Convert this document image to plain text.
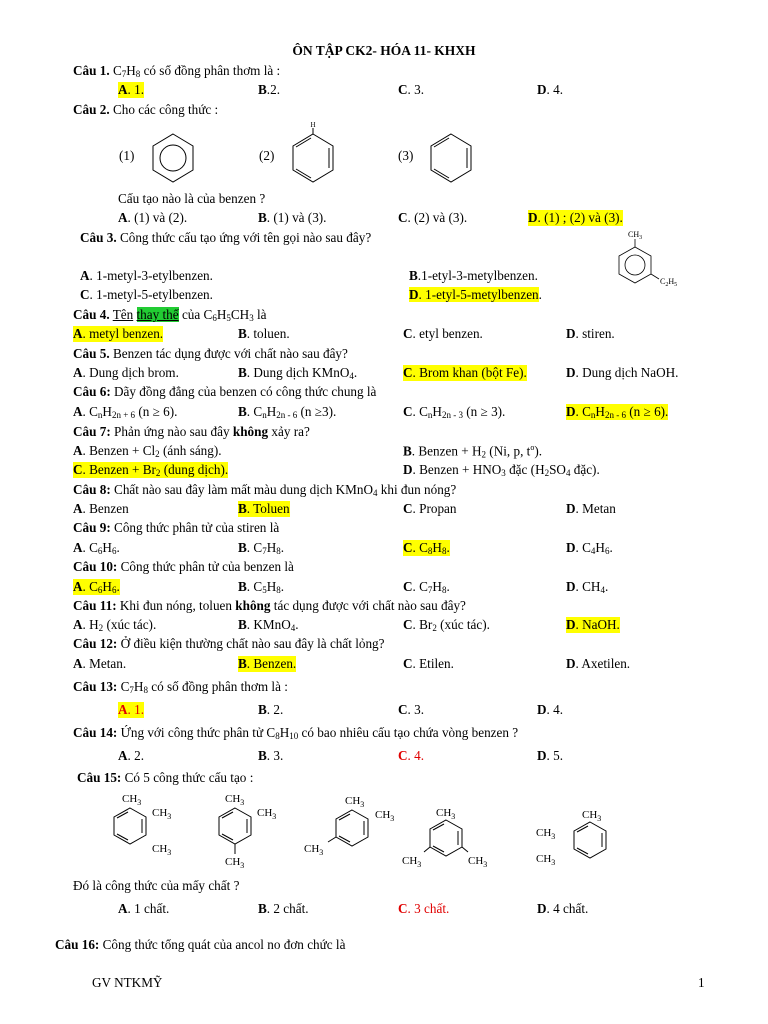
ÔN TẬP CK2- HÓA 11- KHXH
Câu 1. $C_7H_8$ có số đồng phân thơm là :
A. 1.	B.2.	C. 3.	D. 4.
Câu 2. Cho các công thức :
(1)	(2)	(3)
H
Cấu tạo nào là của benzen ?
A. (1) và (2).	B. (1) và (3).	C. (2) và (3).	D. (1) ; (2) và (3).
Câu 3. Công thức cấu tạo ứng với tên gọi nào sau đây?	$CH_3$
$C_2H_5$
A. 1-metyl-3-etylbenzen.	B.1-etyl-3-metylbenzen.
C. 1-metyl-5-etylbenzen.	D. 1-etyl-5-metylbenzen.
Câu 4. Tên thay thế của $C_6H_5CH_3$ là
A. metyl benzen.	B. toluen.	C. etyl benzen.	D. stiren.
Câu 5. Benzen tác dụng được với chất nào sau đây?
A. Dung dịch brom.	B. Dung dịch KMnO$_4$.	C. Brom khan (bột Fe).	D. Dung dịch NaOH.
Câu 6: Dãy đồng đẳng của benzen có công thức chung là
A. $C_nH_{2n + 6}$ (n ≥ 6).	B. $C_nH_{2n - 6}$ (n ≥3).	C. $C_nH_{2n - 3}$ (n ≥ 3).	D. $C_nH_{2n - 6}$ (n ≥ 6).
Câu 7: Phản ứng nào sau đây không xảy ra?
A. Benzen + $Cl_2$ (ánh sáng).	B. Benzen + $H_2$ (Ni, p, $t^o$).
C. Benzen + $Br_2$ (dung dịch).	D. Benzen + $HNO_3$ đặc ($H_2SO_4$ đặc).
Câu 8: Chất nào sau đây làm mất màu dung dịch KMnO$_4$ khi đun nóng?
A. Benzen	B. Toluen	C. Propan	D. Metan
Câu 9: Công thức phân tử của stiren là
A. $C_6H_6$.	B. $C_7H_8$.	C. $C_8H_8$.	D. $C_4H_6$.
Câu 10: Công thức phân tử của benzen là
A. $C_6H_6$.	B. $C_5H_8$.	C. $C_7H_8$.	D. $CH_4$.
Câu 11: Khi đun nóng, toluen không tác dụng được với chất nào sau đây?
A. $H_2$ (xúc tác).	B. KMnO$_4$.	C. $Br_2$ (xúc tác).	D. NaOH.
Câu 12: Ở điều kiện thường chất nào sau đây là chất lỏng?
A. Metan.	B. Benzen.	C. Etilen.	D. Axetilen.
Câu 13: $C_7H_8$ có số đồng phân thơm là :
A. 1.	B. 2.	C. 3.	D. 4.
Câu 14: Ứng với công thức phân tử $C_8H_{10}$ có bao nhiêu cấu tạo chứa vòng benzen ?
A. 2.	B. 3.	C. 4.	D. 5.
Câu 15: Có 5 công thức cấu tạo :
$CH_3$
$CH_3$
$CH_3$
$CH_3$
$CH_3$
$CH_3$
$CH_3$
$CH_3$
$CH_3$
$CH_3$
$CH_3$	$CH_3$
$CH_3$
$CH_3$
$CH_3$
Đó là công thức của mấy chất ?
A. 1 chất.	B. 2 chất.	C. 3 chất.	D. 4 chất.
Câu 16: Công thức tổng quát của ancol no đơn chức là
GV NTKMỸ	1
